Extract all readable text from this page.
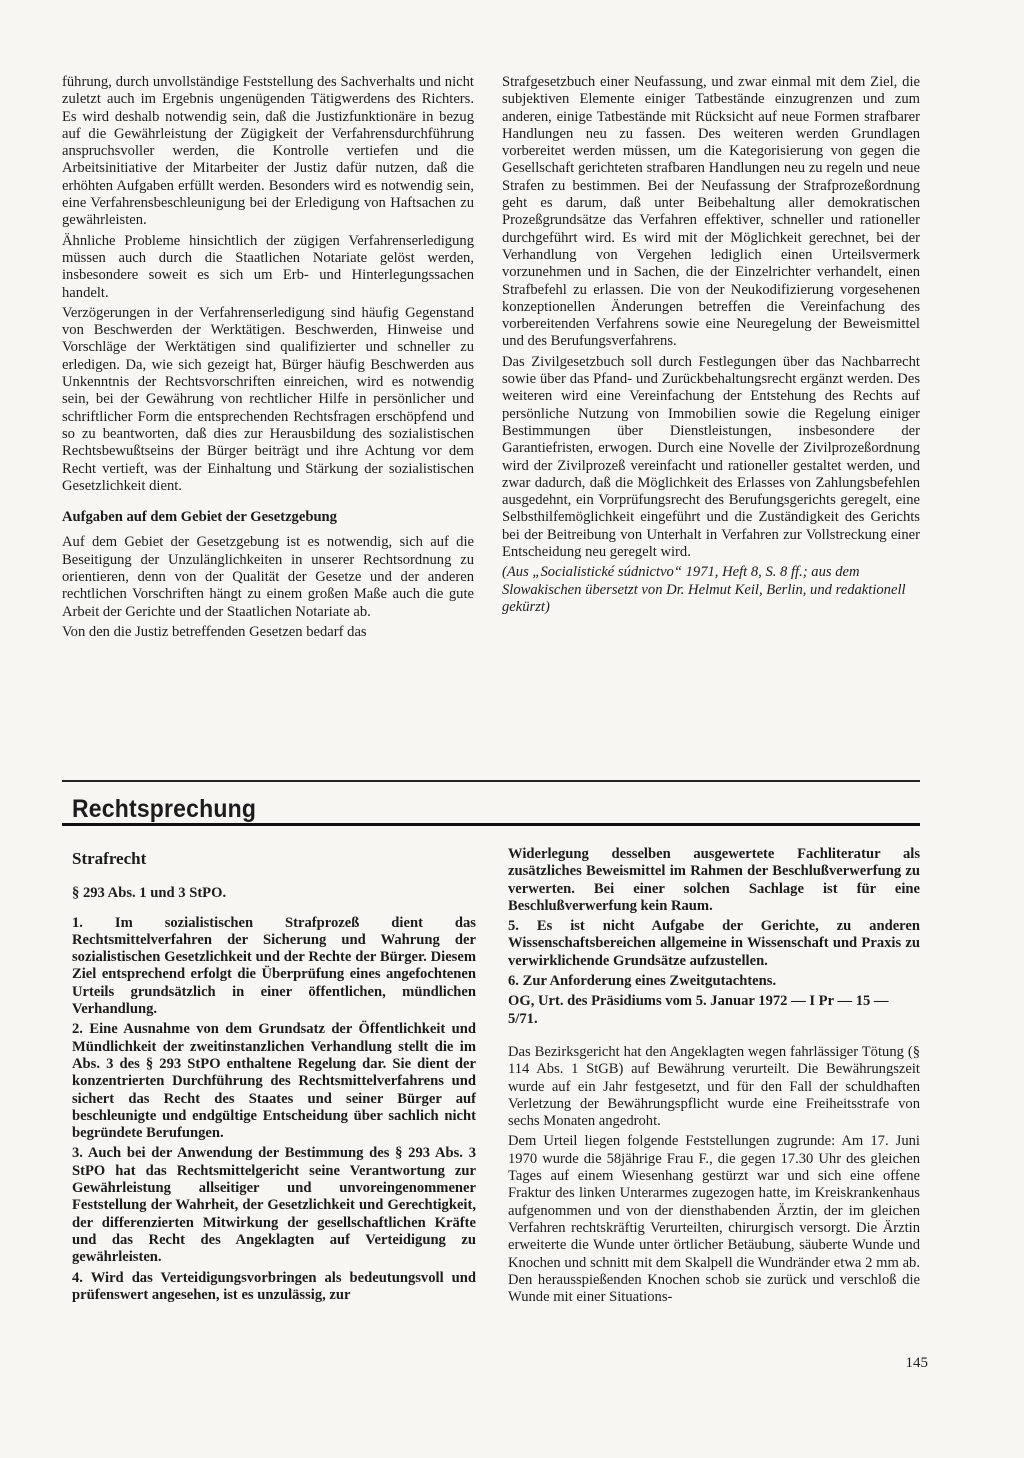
führung, durch unvollständige Feststellung des Sachverhalts und nicht zuletzt auch im Ergebnis ungenügenden Tätigwerdens des Richters. Es wird deshalb notwendig sein, daß die Justizfunktionäre in bezug auf die Gewährleistung der Zügigkeit der Verfahrensdurchführung anspruchsvoller werden, die Kontrolle vertiefen und die Arbeitsinitiative der Mitarbeiter der Justiz dafür nutzen, daß die erhöhten Aufgaben erfüllt werden. Besonders wird es notwendig sein, eine Verfahrensbeschleunigung bei der Erledigung von Haftsachen zu gewährleisten.

Ähnliche Probleme hinsichtlich der zügigen Verfahrenserledigung müssen auch durch die Staatlichen Notariate gelöst werden, insbesondere soweit es sich um Erb- und Hinterlegungssachen handelt.

Verzögerungen in der Verfahrenserledigung sind häufig Gegenstand von Beschwerden der Werktätigen. Beschwerden, Hinweise und Vorschläge der Werktätigen sind qualifizierter und schneller zu erledigen. Da, wie sich gezeigt hat, Bürger häufig Beschwerden aus Unkenntnis der Rechtsvorschriften einreichen, wird es notwendig sein, bei der Gewährung von rechtlicher Hilfe in persönlicher und schriftlicher Form die entsprechenden Rechtsfragen erschöpfend und so zu beantworten, daß dies zur Herausbildung des sozialistischen Rechtsbewußtseins der Bürger beiträgt und ihre Achtung vor dem Recht vertieft, was der Einhaltung und Stärkung der sozialistischen Gesetzlichkeit dient.

Aufgaben auf dem Gebiet der Gesetzgebung

Auf dem Gebiet der Gesetzgebung ist es notwendig, sich auf die Beseitigung der Unzulänglichkeiten in unserer Rechtsordnung zu orientieren, denn von der Qualität der Gesetze und der anderen rechtlichen Vorschriften hängt zu einem großen Maße auch die gute Arbeit der Gerichte und der Staatlichen Notariate ab.

Von den die Justiz betreffenden Gesetzen bedarf das

Strafgesetzbuch einer Neufassung, und zwar einmal mit dem Ziel, die subjektiven Elemente einiger Tatbestände einzugrenzen und zum anderen, einige Tatbestände mit Rücksicht auf neue Formen strafbarer Handlungen neu zu fassen. Des weiteren werden Grundlagen vorbereitet werden müssen, um die Kategorisierung von gegen die Gesellschaft gerichteten strafbaren Handlungen neu zu regeln und neue Strafen zu bestimmen. Bei der Neufassung der Strafprozeßordnung geht es darum, daß unter Beibehaltung aller demokratischen Prozeßgrundsätze das Verfahren effektiver, schneller und rationeller durchgeführt wird. Es wird mit der Möglichkeit gerechnet, bei der Verhandlung von Vergehen lediglich einen Urteilsvermerk vorzunehmen und in Sachen, die der Einzelrichter verhandelt, einen Strafbefehl zu erlassen. Die von der Neukodifizierung vorgesehenen konzeptionellen Änderungen betreffen die Vereinfachung des vorbereitenden Verfahrens sowie eine Neuregelung der Beweismittel und des Berufungsverfahrens.

Das Zivilgesetzbuch soll durch Festlegungen über das Nachbarrecht sowie über das Pfand- und Zurückbehaltungsrecht ergänzt werden. Des weiteren wird eine Vereinfachung der Entstehung des Rechts auf persönliche Nutzung von Immobilien sowie die Regelung einiger Bestimmungen über Dienstleistungen, insbesondere der Garantiefristen, erwogen. Durch eine Novelle der Zivilprozeßordnung wird der Zivilprozeß vereinfacht und rationeller gestaltet werden, und zwar dadurch, daß die Möglichkeit des Erlasses von Zahlungsbefehlen ausgedehnt, ein Vorprüfungsrecht des Berufungsgerichts geregelt, eine Selbsthilfemöglichkeit eingeführt und die Zuständigkeit des Gerichts bei der Beitreibung von Unterhalt in Verfahren zur Vollstreckung einer Entscheidung neu geregelt wird.

(Aus „Socialistické súdnictvo“ 1971, Heft 8, S. 8 ff.; aus dem Slowakischen übersetzt von Dr. Helmut Keil, Berlin, und redaktionell gekürzt)

Rechtsprechung
Strafrecht

§ 293 Abs. 1 und 3 StPO.

1. Im sozialistischen Strafprozeß dient das Rechtsmittelverfahren der Sicherung und Wahrung der sozialistischen Gesetzlichkeit und der Rechte der Bürger. Diesem Ziel entsprechend erfolgt die Überprüfung eines angefochtenen Urteils grundsätzlich in einer öffentlichen, mündlichen Verhandlung.

2. Eine Ausnahme von dem Grundsatz der Öffentlichkeit und Mündlichkeit der zweitinstanzlichen Verhandlung stellt die im Abs. 3 des § 293 StPO enthaltene Regelung dar. Sie dient der konzentrierten Durchführung des Rechtsmittelverfahrens und sichert das Recht des Staates und seiner Bürger auf beschleunigte und endgültige Entscheidung über sachlich nicht begründete Berufungen.

3. Auch bei der Anwendung der Bestimmung des § 293 Abs. 3 StPO hat das Rechtsmittelgericht seine Verantwortung zur Gewährleistung allseitiger und unvoreingenommener Feststellung der Wahrheit, der Gesetzlichkeit und Gerechtigkeit, der differenzierten Mitwirkung der gesellschaftlichen Kräfte und das Recht des Angeklagten auf Verteidigung zu gewährleisten.

4. Wird das Verteidigungsvorbringen als bedeutungsvoll und prüfenswert angesehen, ist es unzulässig, zur

Widerlegung desselben ausgewertete Fachliteratur als zusätzliches Beweismittel im Rahmen der Beschlußverwerfung zu verwerten. Bei einer solchen Sachlage ist für eine Beschlußverwerfung kein Raum.

5. Es ist nicht Aufgabe der Gerichte, zu anderen Wissenschaftsbereichen allgemeine in Wissenschaft und Praxis zu verwirklichende Grundsätze aufzustellen.

6. Zur Anforderung eines Zweitgutachtens.

OG, Urt. des Präsidiums vom 5. Januar 1972 — I Pr — 15 — 5/71.

Das Bezirksgericht hat den Angeklagten wegen fahrlässiger Tötung (§ 114 Abs. 1 StGB) auf Bewährung verurteilt. Die Bewährungszeit wurde auf ein Jahr festgesetzt, und für den Fall der schuldhaften Verletzung der Bewährungspflicht wurde eine Freiheitsstrafe von sechs Monaten angedroht.

Dem Urteil liegen folgende Feststellungen zugrunde: Am 17. Juni 1970 wurde die 58jährige Frau F., die gegen 17.30 Uhr des gleichen Tages auf einem Wiesenhang gestürzt war und sich eine offene Fraktur des linken Unterarmes zugezogen hatte, im Kreiskrankenhaus aufgenommen und von der diensthabenden Ärztin, der im gleichen Verfahren rechtskräftig Verurteilten, chirurgisch versorgt. Die Ärztin erweiterte die Wunde unter örtlicher Betäubung, säuberte Wunde und Knochen und schnitt mit dem Skalpell die Wundränder etwa 2 mm ab. Den herausspießenden Knochen schob sie zurück und verschloß die Wunde mit einer Situations-

145
